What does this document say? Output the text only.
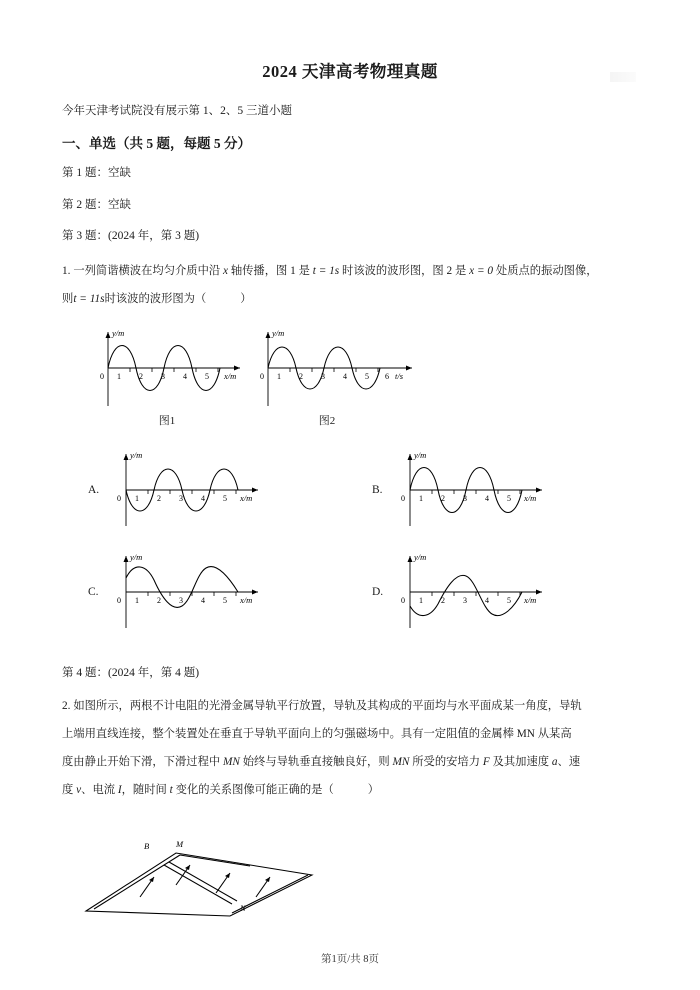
2024 天津高考物理真题

今年天津考试院没有展示第 1、2、5 三道小题

一、单选（共 5 题，每题 5 分）

第 1 题：空缺

第 2 题：空缺

第 3 题：(2024 年，第 3 题)

1. 一列简谐横波在均匀介质中沿 x 轴传播，图 1 是 t = 1s 时该波的波形图，图 2 是 x = 0 处质点的振动图像，

则t = 11s时该波的波形图为（	）

y/m
x/m
0 1 2 3 4 5
图1
y/m
t/s
0 1 2 3 4 5 6
图2
A.
y/m
x/m
0 1 2 3 4 5
B.
y/m
x/m
0 1 2 3 4 5
C.
y/m
x/m
0 1 2 3 4 5
D.
y/m
x/m
0 1 2 3 4 5

第 4 题：(2024 年，第 4 题)

2. 如图所示，两根不计电阻的光滑金属导轨平行放置，导轨及其构成的平面均与水平面成某一角度，导轨

上端用直线连接，整个装置处在垂直于导轨平面向上的匀强磁场中。具有一定阻值的金属棒 MN 从某高

度由静止开始下滑，下滑过程中 MN 始终与导轨垂直接触良好，则 MN 所受的安培力 F 及其加速度 a、速

度 v、电流 I，随时间 t 变化的关系图像可能正确的是（	）

B	M
N
第1页/共 8页
